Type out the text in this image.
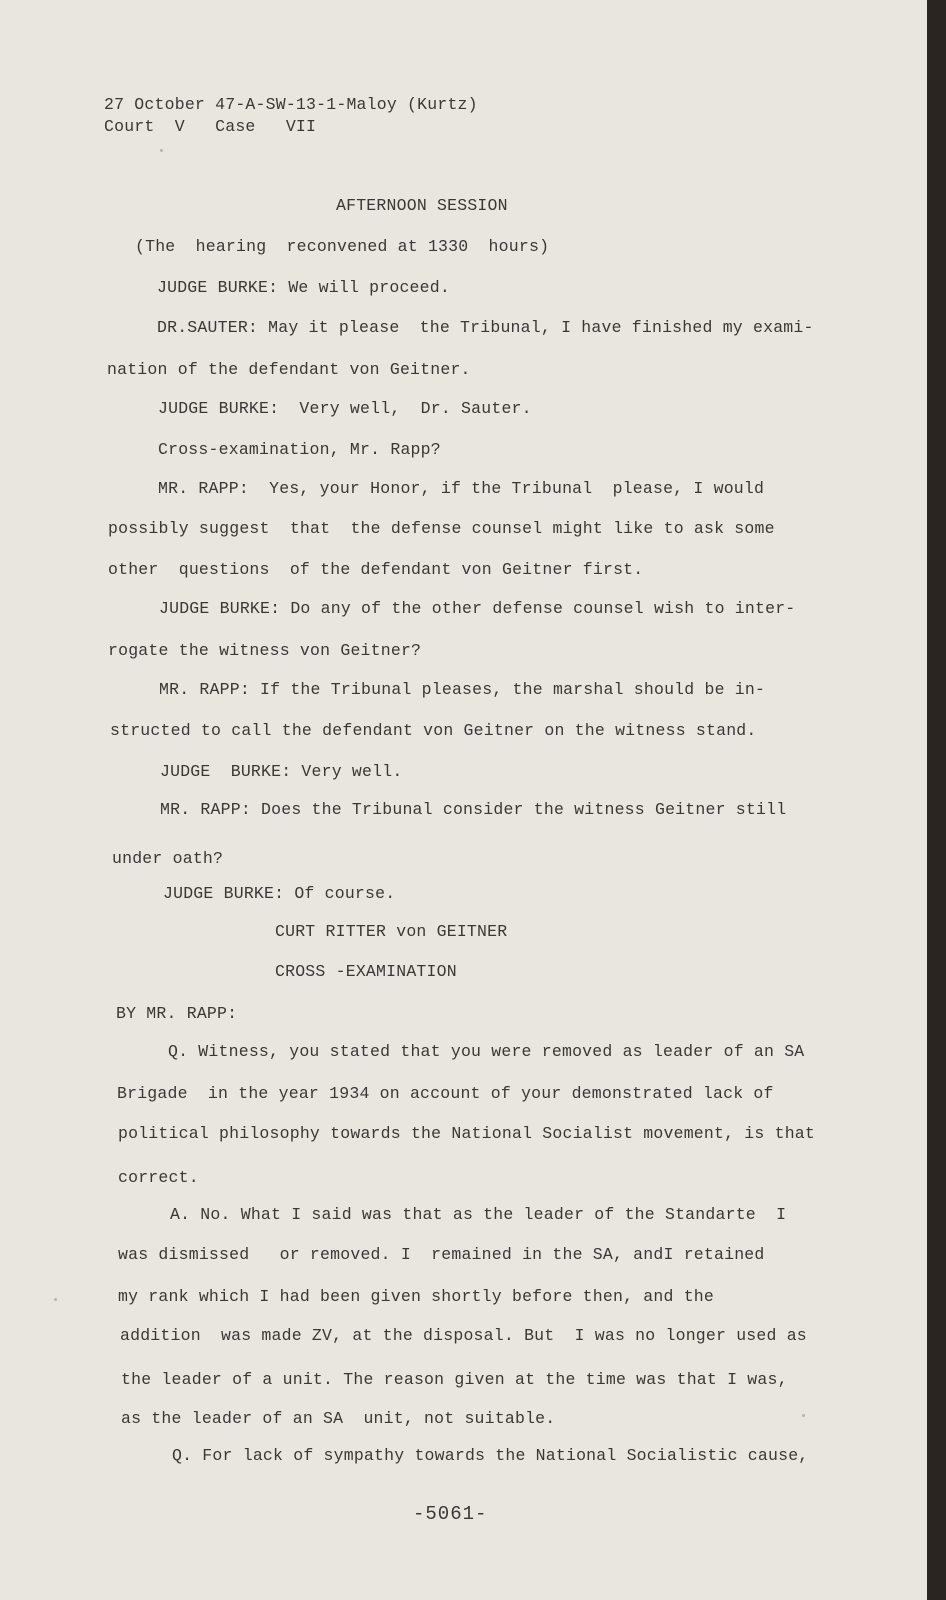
27 October 47-A-SW-13-1-Maloy (Kurtz)
Court  V   Case   VII
AFTERNOON SESSION
(The  hearing  reconvened at 1330  hours)
JUDGE BURKE: We will proceed.
DR.SAUTER: May it please  the Tribunal, I have finished my exami-
nation of the defendant von Geitner.
JUDGE BURKE:  Very well,  Dr. Sauter.
Cross-examination, Mr. Rapp?
MR. RAPP:  Yes, your Honor, if the Tribunal  please, I would
possibly suggest  that  the defense counsel might like to ask some
other  questions  of the defendant von Geitner first.
JUDGE BURKE: Do any of the other defense counsel wish to inter-
rogate the witness von Geitner?
MR. RAPP: If the Tribunal pleases, the marshal should be in-
structed to call the defendant von Geitner on the witness stand.
JUDGE  BURKE: Very well.
MR. RAPP: Does the Tribunal consider the witness Geitner still
under oath?
JUDGE BURKE: Of course.
CURT RITTER von GEITNER
CROSS -EXAMINATION
BY MR. RAPP:
Q. Witness, you stated that you were removed as leader of an SA
Brigade  in the year 1934 on account of your demonstrated lack of
political philosophy towards the National Socialist movement, is that
correct.
A. No. What I said was that as the leader of the Standarte  I
was dismissed   or removed. I  remained in the SA, andI retained
my rank which I had been given shortly before then, and the
addition  was made ZV, at the disposal. But  I was no longer used as
the leader of a unit. The reason given at the time was that I was,
as the leader of an SA  unit, not suitable.
Q. For lack of sympathy towards the National Socialistic cause,
-5061-
